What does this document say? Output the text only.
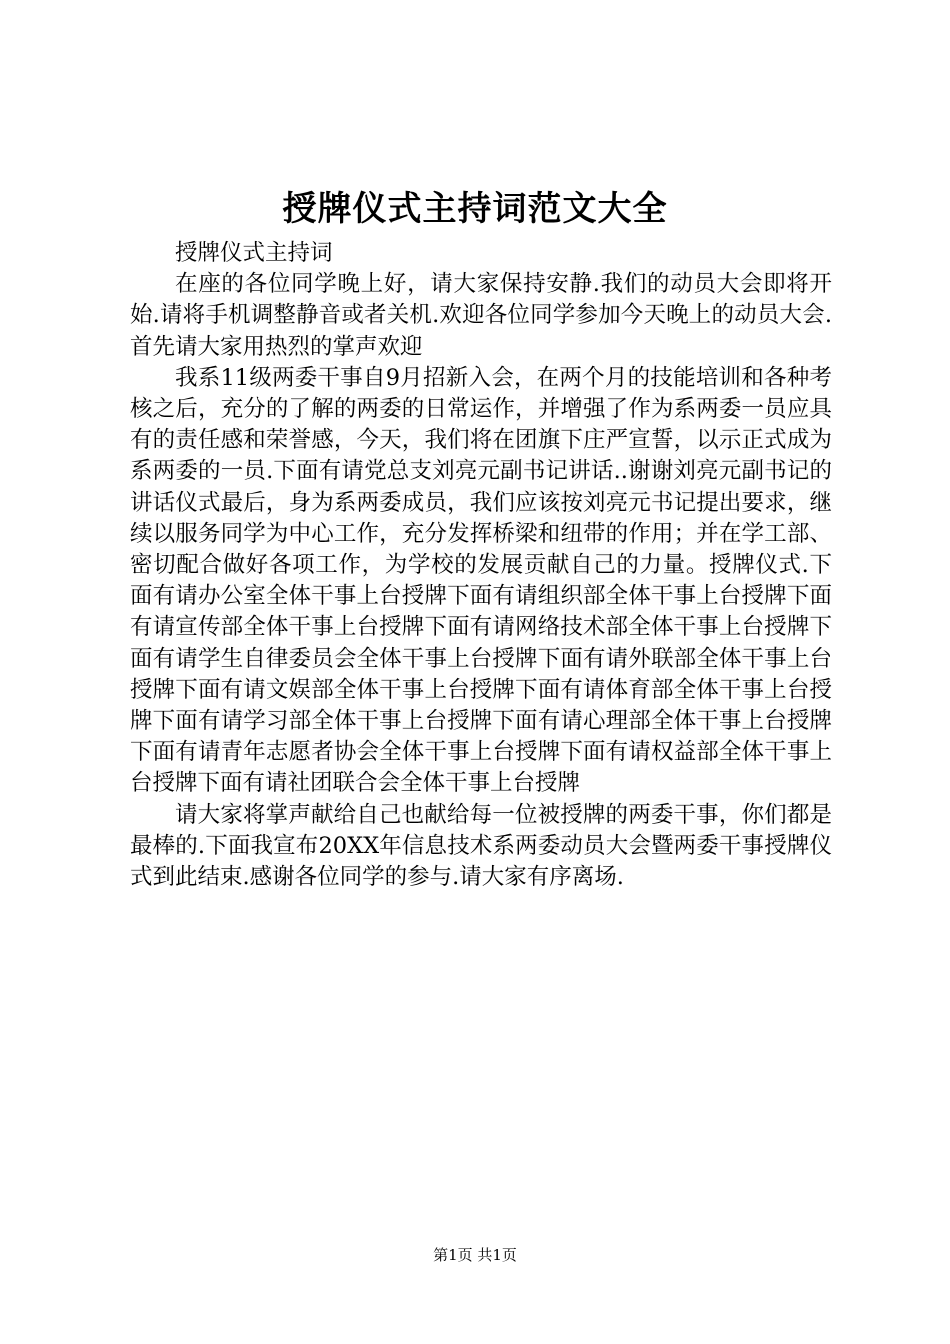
授牌仪式主持词范文大全

授牌仪式主持词

在座的各位同学晚上好，请大家保持安静.我们的动员大会即将开始.请将手机调整静音或者关机.欢迎各位同学参加今天晚上的动员大会.首先请大家用热烈的掌声欢迎

我系11级两委干事自9月招新入会，在两个月的技能培训和各种考核之后，充分的了解的两委的日常运作，并增强了作为系两委一员应具有的责任感和荣誉感，今天，我们将在团旗下庄严宣誓，以示正式成为系两委的一员.下面有请党总支刘亮元副书记讲话..谢谢刘亮元副书记的讲话仪式最后，身为系两委成员，我们应该按刘亮元书记提出要求，继续以服务同学为中心工作，充分发挥桥梁和纽带的作用；并在学工部、密切配合做好各项工作，为学校的发展贡献自己的力量。授牌仪式.下面有请办公室全体干事上台授牌下面有请组织部全体干事上台授牌下面有请宣传部全体干事上台授牌下面有请网络技术部全体干事上台授牌下面有请学生自律委员会全体干事上台授牌下面有请外联部全体干事上台授牌下面有请文娱部全体干事上台授牌下面有请体育部全体干事上台授牌下面有请学习部全体干事上台授牌下面有请心理部全体干事上台授牌下面有请青年志愿者协会全体干事上台授牌下面有请权益部全体干事上台授牌下面有请社团联合会全体干事上台授牌

请大家将掌声献给自己也献给每一位被授牌的两委干事，你们都是最棒的.下面我宣布20XX年信息技术系两委动员大会暨两委干事授牌仪式到此结束.感谢各位同学的参与.请大家有序离场.

第1页 共1页
